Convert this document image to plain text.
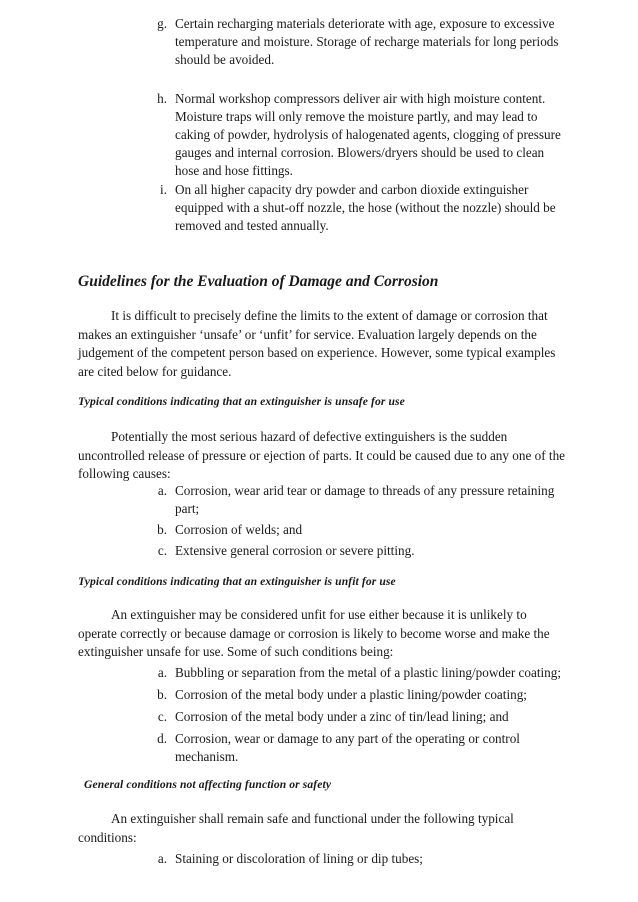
g. Certain recharging materials deteriorate with age, exposure to excessive temperature and moisture. Storage of recharge materials for long periods should be avoided.
h. Normal workshop compressors deliver air with high moisture content. Moisture traps will only remove the moisture partly, and may lead to caking of powder, hydrolysis of halogenated agents, clogging of pressure gauges and internal corrosion. Blowers/dryers should be used to clean hose and hose fittings.
i. On all higher capacity dry powder and carbon dioxide extinguisher equipped with a shut-off nozzle, the hose (without the nozzle) should be removed and tested annually.
Guidelines for the Evaluation of Damage and Corrosion

It is difficult to precisely define the limits to the extent of damage or corrosion that makes an extinguisher ‘unsafe’ or ‘unfit’ for service. Evaluation largely depends on the judgement of the competent person based on experience. However, some typical examples are cited below for guidance.

Typical conditions indicating that an extinguisher is unsafe for use

Potentially the most serious hazard of defective extinguishers is the sudden uncontrolled release of pressure or ejection of parts. It could be caused due to any one of the following causes:

a. Corrosion, wear arid tear or damage to threads of any pressure retaining part;
b. Corrosion of welds; and
c. Extensive general corrosion or severe pitting.
Typical conditions indicating that an extinguisher is unfit for use

An extinguisher may be considered unfit for use either because it is unlikely to operate correctly or because damage or corrosion is likely to become worse and make the extinguisher unsafe for use. Some of such conditions being:

a. Bubbling or separation from the metal of a plastic lining/powder coating;
b. Corrosion of the metal body under a plastic lining/powder coating;
c. Corrosion of the metal body under a zinc of tin/lead lining; and
d. Corrosion, wear or damage to any part of the operating or control mechanism.
General conditions not affecting function or safety

An extinguisher shall remain safe and functional under the following typical conditions:

a. Staining or discoloration of lining or dip tubes;
